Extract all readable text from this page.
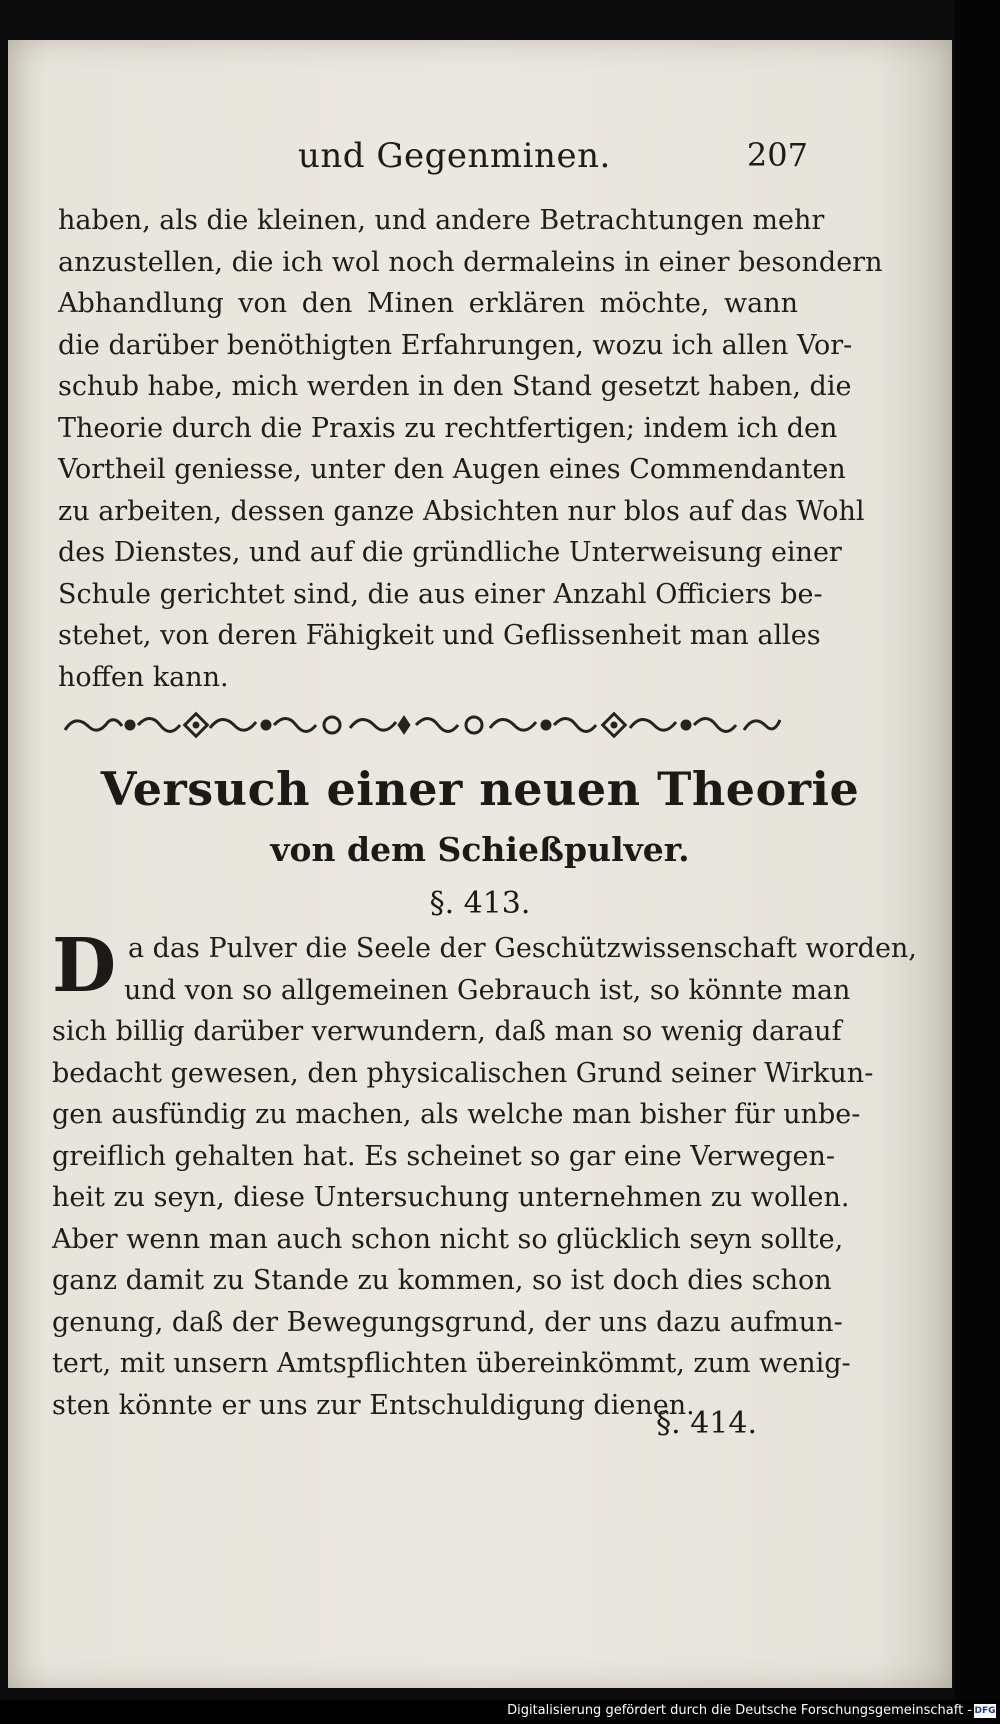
und Gegenminen.	207
haben, als die kleinen, und andere Betrachtungen mehr
anzustellen, die ich wol noch dermaleins in einer besondern
Abhandlung von den Minen erklären möchte, wann
die darüber benöthigten Erfahrungen, wozu ich allen Vor-
schub habe, mich werden in den Stand gesetzt haben, die
Theorie durch die Praxis zu rechtfertigen; indem ich den
Vortheil geniesse, unter den Augen eines Commendanten
zu arbeiten, dessen ganze Absichten nur blos auf das Wohl
des Dienstes, und auf die gründliche Unterweisung einer
Schule gerichtet sind, die aus einer Anzahl Officiers be-
stehet, von deren Fähigkeit und Geflissenheit man alles
hoffen kann.
Versuch einer neuen Theorie
von dem Schießpulver.
§. 413.
D a das Pulver die Seele der Geschützwissenschaft worden,
und von so allgemeinen Gebrauch ist, so könnte man
sich billig darüber verwundern, daß man so wenig darauf
bedacht gewesen, den physicalischen Grund seiner Wirkun-
gen ausfündig zu machen, als welche man bisher für unbe-
greiflich gehalten hat. Es scheinet so gar eine Verwegen-
heit zu seyn, diese Untersuchung unternehmen zu wollen.
Aber wenn man auch schon nicht so glücklich seyn sollte,
ganz damit zu Stande zu kommen, so ist doch dies schon
genung, daß der Bewegungsgrund, der uns dazu aufmun-
tert, mit unsern Amtspflichten übereinkömmt, zum wenig-
sten könnte er uns zur Entschuldigung dienen.
§. 414.
Digitalisierung gefördert durch die Deutsche Forschungsgemeinschaft - DFG
